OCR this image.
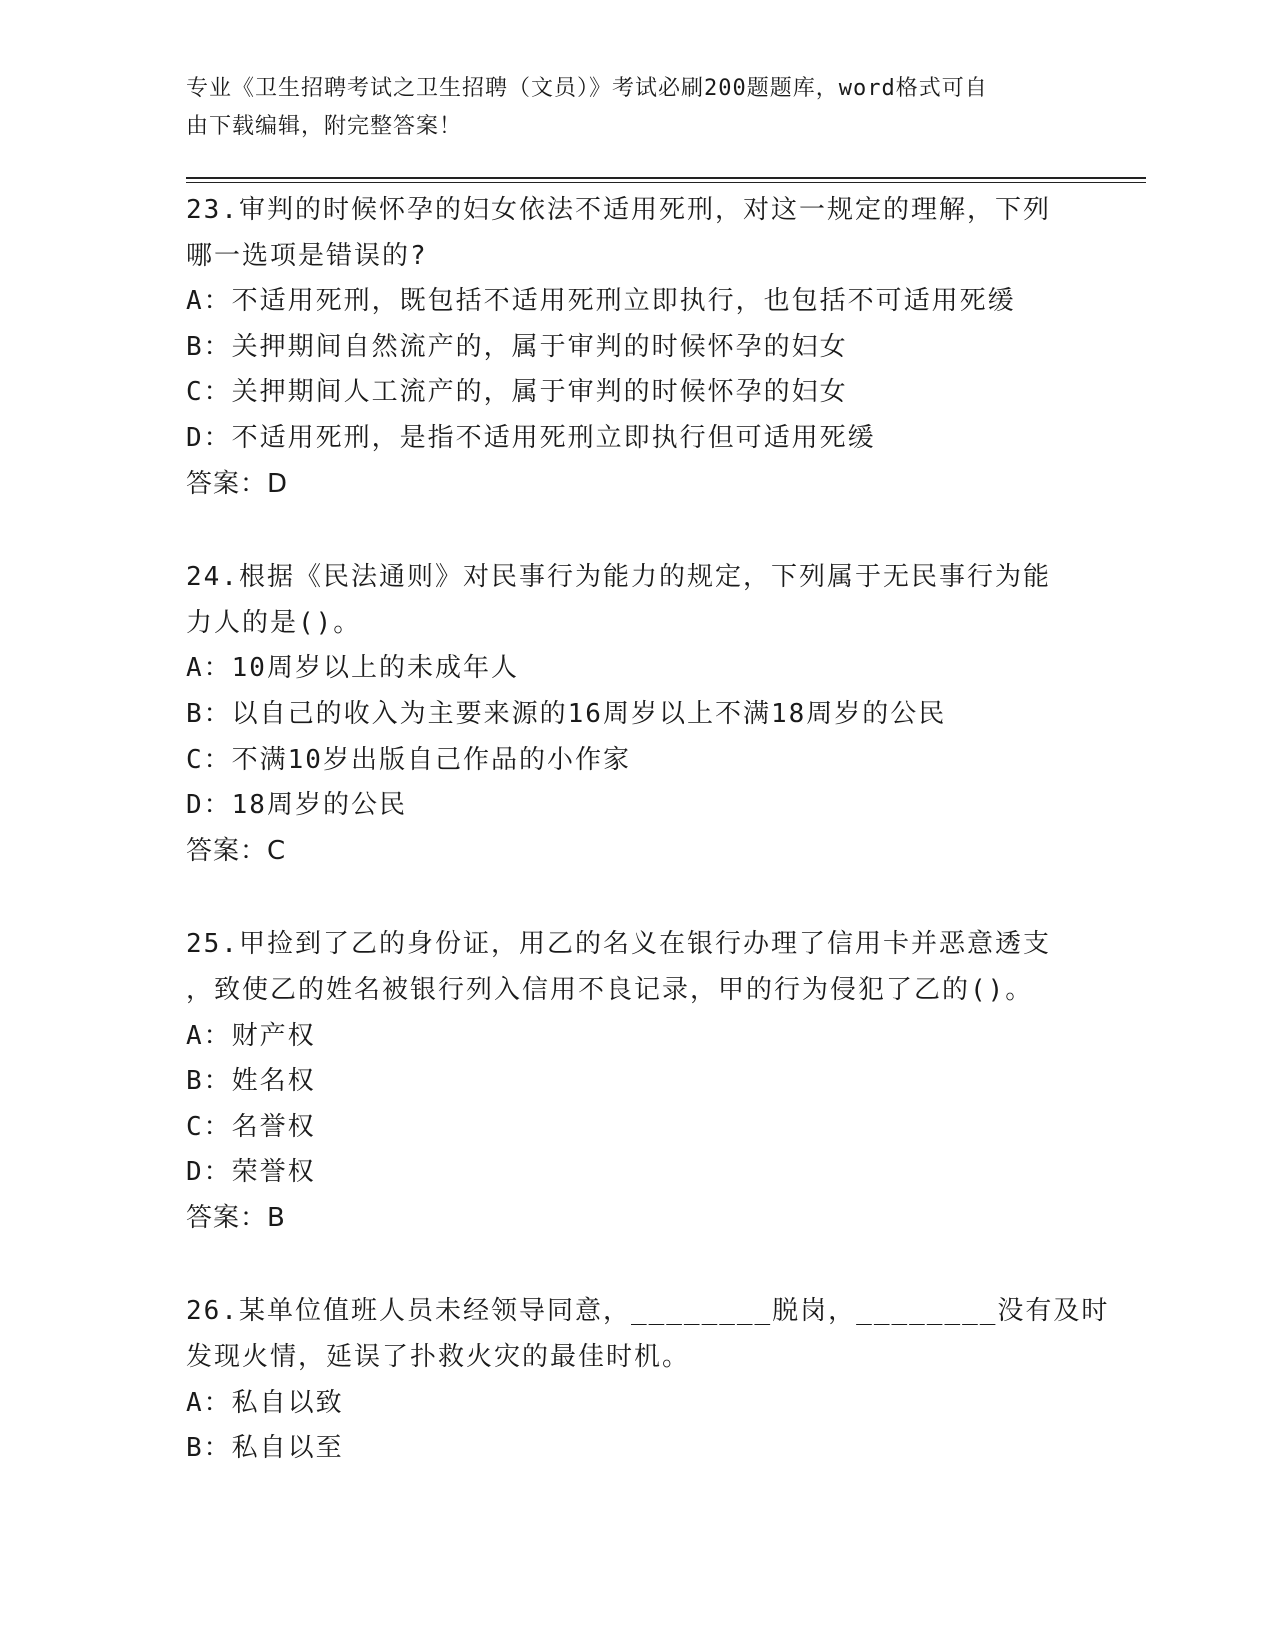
专业《卫生招聘考试之卫生招聘（文员）》考试必刷200题题库，word格式可自
由下载编辑，附完整答案！
23.审判的时候怀孕的妇女依法不适用死刑，对这一规定的理解，下列
哪一选项是错误的?
A：不适用死刑，既包括不适用死刑立即执行，也包括不可适用死缓
B：关押期间自然流产的，属于审判的时候怀孕的妇女
C：关押期间人工流产的，属于审判的时候怀孕的妇女
D：不适用死刑，是指不适用死刑立即执行但可适用死缓
答案：D
24.根据《民法通则》对民事行为能力的规定，下列属于无民事行为能
力人的是()。
A：10周岁以上的未成年人
B：以自己的收入为主要来源的16周岁以上不满18周岁的公民
C：不满10岁出版自己作品的小作家
D：18周岁的公民
答案：C
25.甲捡到了乙的身份证，用乙的名义在银行办理了信用卡并恶意透支
，致使乙的姓名被银行列入信用不良记录，甲的行为侵犯了乙的()。
A：财产权
B：姓名权
C：名誉权
D：荣誉权
答案：B
26.某单位值班人员未经领导同意，________脱岗，________没有及时
发现火情，延误了扑救火灾的最佳时机。
A：私自以致
B：私自以至
